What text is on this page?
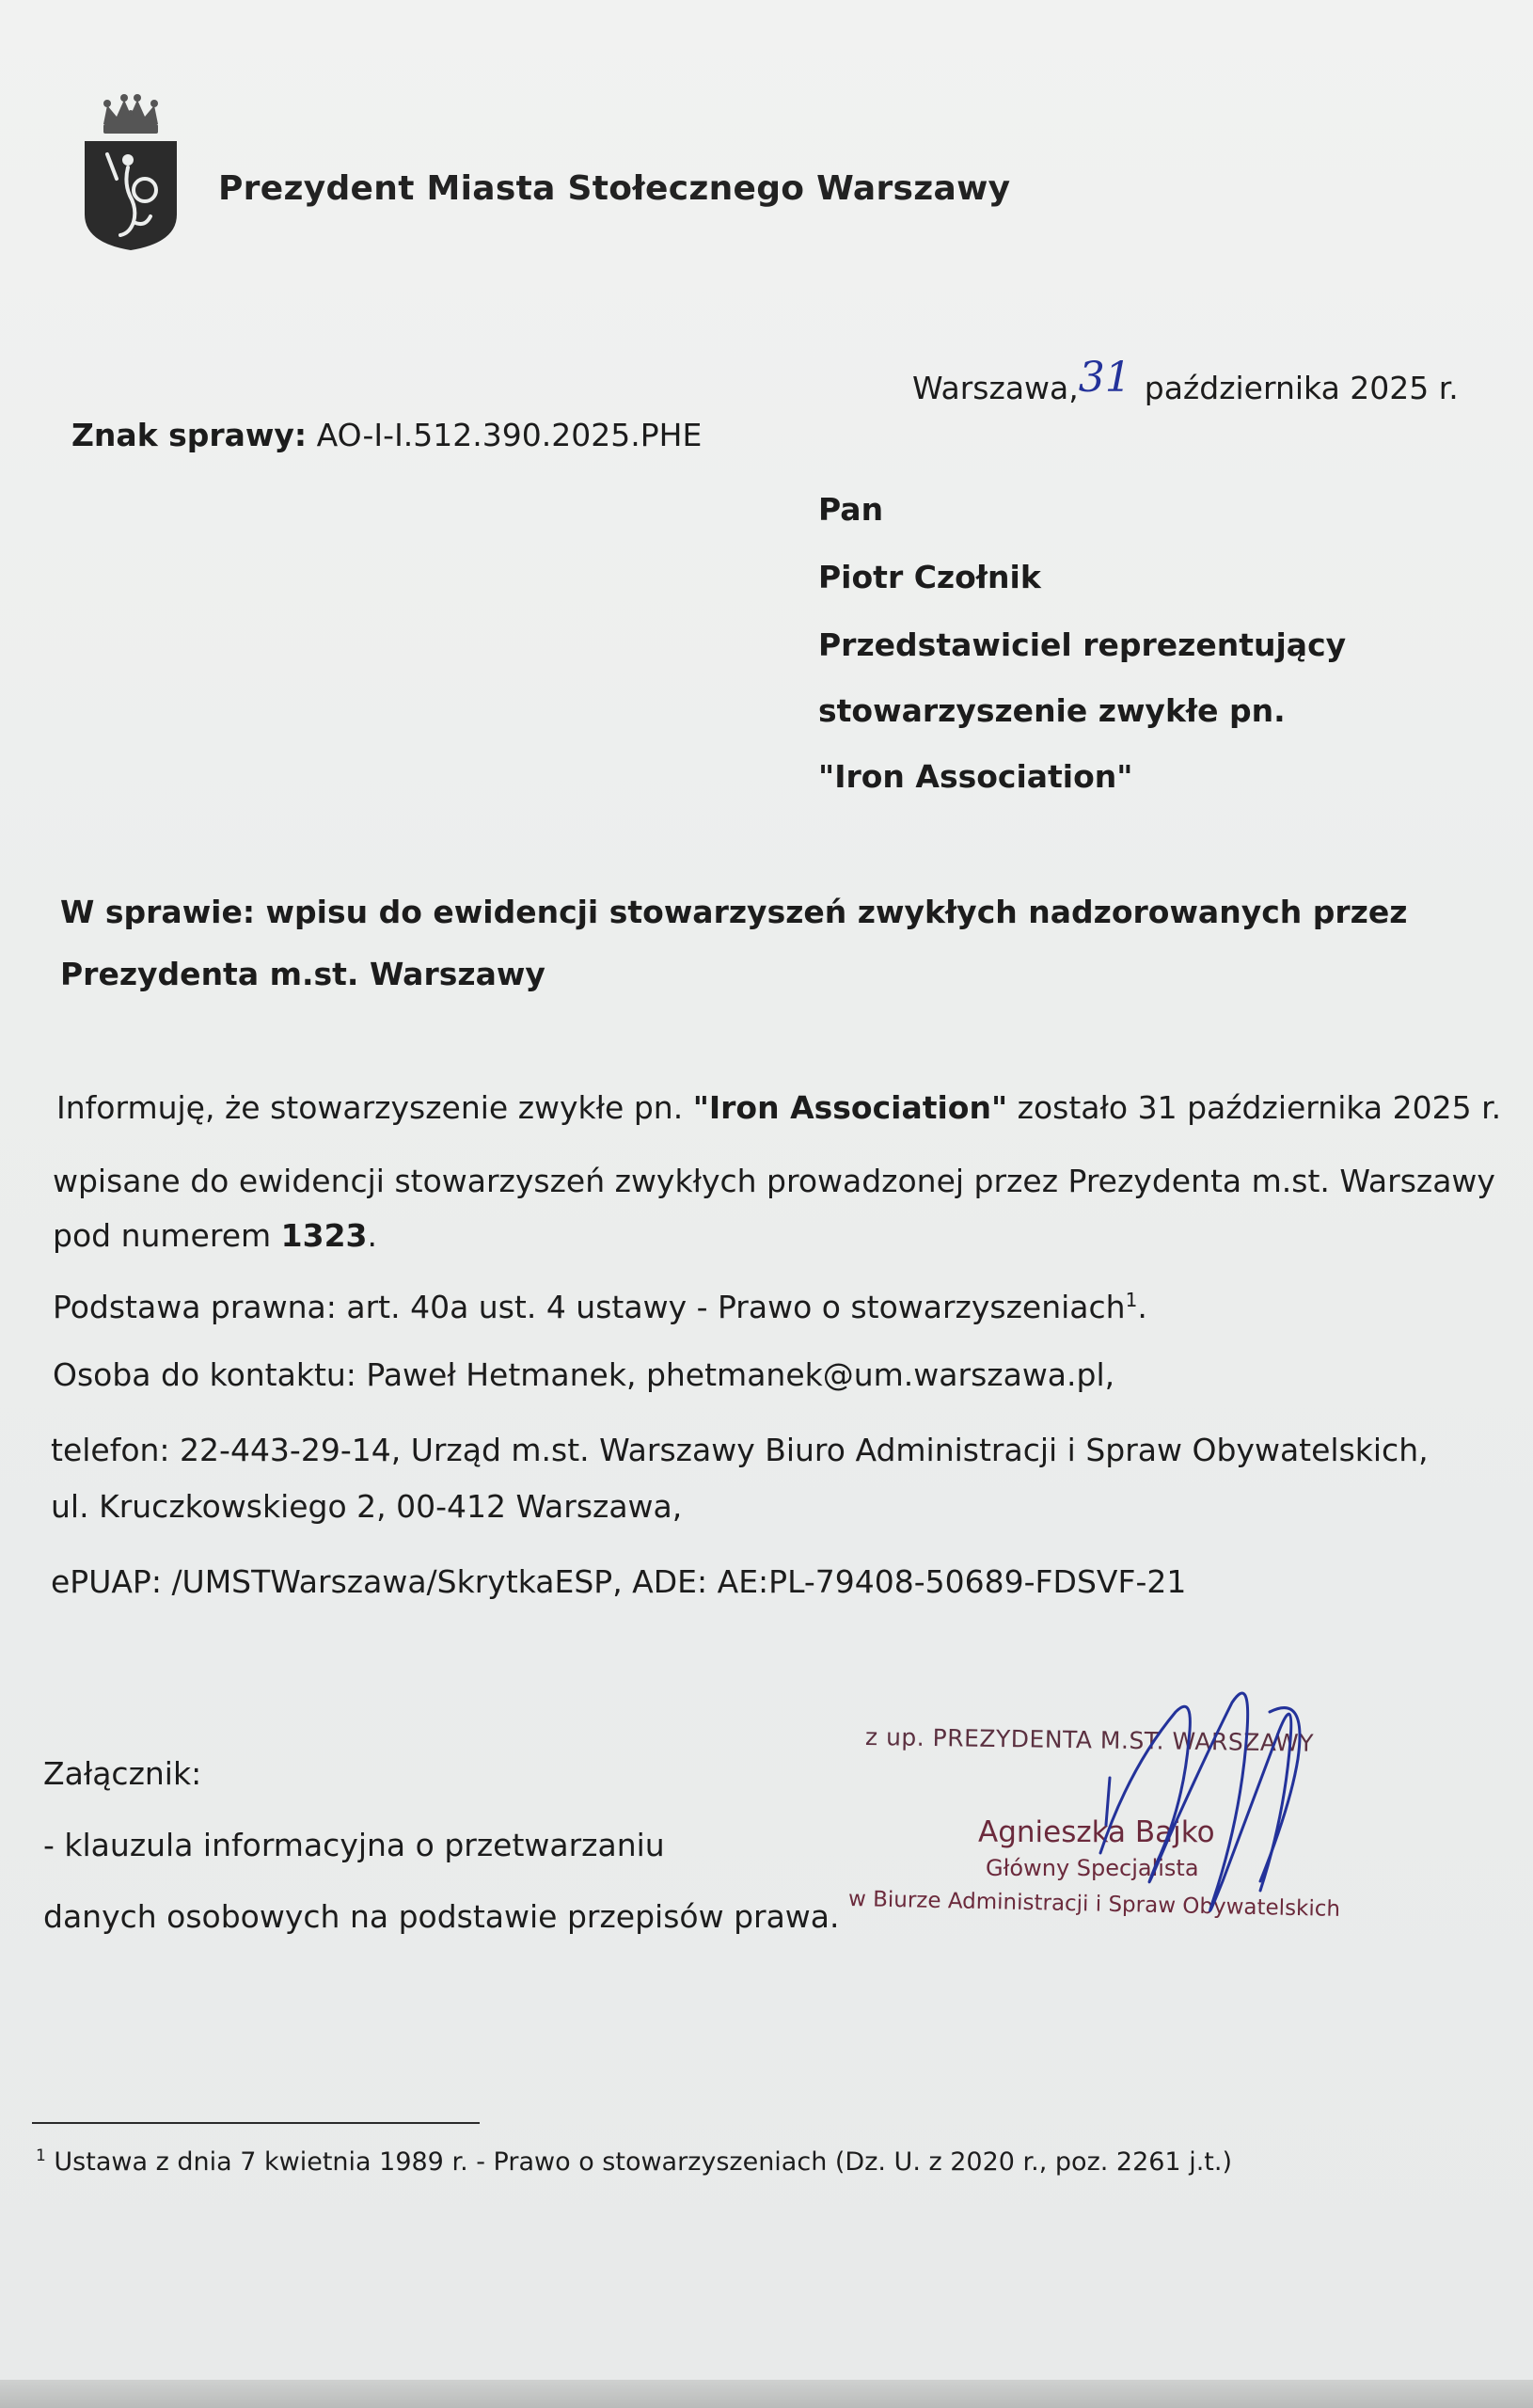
Prezydent Miasta Stołecznego Warszawy
Warszawa,31 października 2025 r.
Znak sprawy: AO-I-I.512.390.2025.PHE
Pan
Piotr Czołnik
Przedstawiciel reprezentujący
stowarzyszenie zwykłe pn.
"Iron Association"
W sprawie: wpisu do ewidencji stowarzyszeń zwykłych nadzorowanych przez
Prezydenta m.st. Warszawy
Informuję, że stowarzyszenie zwykłe pn. "Iron Association" zostało 31 października 2025 r.
wpisane do ewidencji stowarzyszeń zwykłych prowadzonej przez Prezydenta m.st. Warszawy
pod numerem 1323.
Podstawa prawna: art. 40a ust. 4 ustawy - Prawo o stowarzyszeniach$^1$.
Osoba do kontaktu: Paweł Hetmanek, phetmanek@um.warszawa.pl,
telefon: 22-443-29-14, Urząd m.st. Warszawy Biuro Administracji i Spraw Obywatelskich,
ul. Kruczkowskiego 2, 00-412 Warszawa,
ePUAP: /UMSTWarszawa/SkrytkaESP, ADE: AE:PL-79408-50689-FDSVF-21
Załącznik:
- klauzula informacyjna o przetwarzaniu
danych osobowych na podstawie przepisów prawa.
z up. PREZYDENTA M.ST. WARSZAWY
Agnieszka Bajko
Główny Specjalista
w Biurze Administracji i Spraw Obywatelskich
$^1$ Ustawa z dnia 7 kwietnia 1989 r. - Prawo o stowarzyszeniach (Dz. U. z 2020 r., poz. 2261 j.t.)
